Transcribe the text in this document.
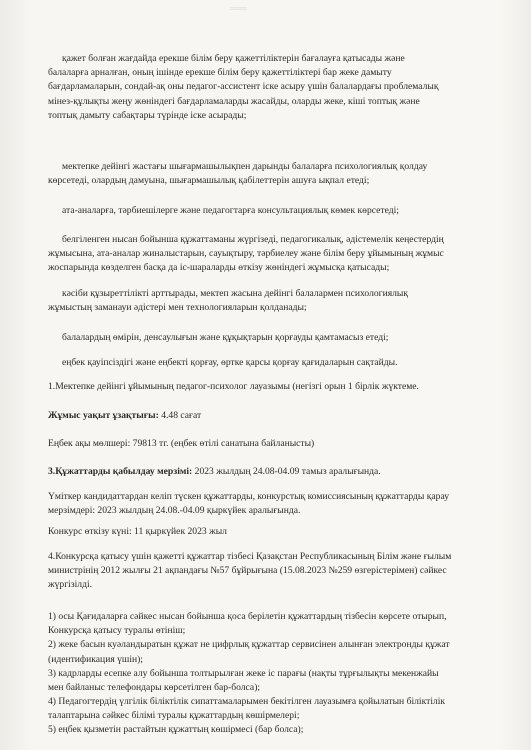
═══
қажет болған жағдайда ерекше білім беру қажеттіліктерін бағалауға қатысады және
балаларға арналған, оның ішінде ерекше білім беру қажеттіліктері бар жеке дамыту
бағдарламаларын, сондай-ақ оны педагог-ассистент іске асыру үшін балалардағы проблемалық
мінез-құлықты жеңу жөніндегі бағдарламаларды жасайды, оларды жеке, кіші топтық және
топтық дамыту сабақтары түрінде іске асырады;
мектепке дейінгі жастағы шығармашылықпен дарынды балаларға психологиялық қолдау
көрсетеді, олардың дамуына, шығармашылық қабілеттерін ашуға ықпал етеді;
ата-аналарға, тәрбиешілерге және педагогтарға консультациялық көмек көрсетеді;
белгіленген нысан бойынша құжаттаманы жүргізеді, педагогикалық, әдістемелік кеңестердің
жұмысына, ата-аналар жиналыстарын, сауықтыру, тәрбиелеу және білім беру ұйымының жұмыс
жоспарында көзделген басқа да іс-шараларды өткізу жөніндегі жұмысқа қатысады;
кәсіби құзыреттілікті арттырады, мектеп жасына дейінгі балалармен психологиялық
жұмыстың заманауи әдістері мен технологияларын қолданады;
балалардың өмірін, денсаулығын және құқықтарын қорғауды қамтамасыз етеді;
еңбек қауіпсіздігі және еңбекті қорғау, өртке қарсы қорғау қағидаларын сақтайды.
1.Мектепке дейінгі ұйымының педагог-психолог лауазымы (негізгі орын 1 бірлік жүктеме.
Жұмыс уақыт ұзақтығы: 4.48 сағат
Еңбек ақы мөлшері: 79813 тг. (еңбек өтілі санатына байланысты)
3.Құжаттарды қабылдау мерзімі: 2023 жылдың 24.08-04.09 тамыз аралығында.
Үміткер кандидаттардан келіп түскен құжаттарды, конкурстық комиссиясының құжаттарды қарау
мерзімдері: 2023 жылдың 24.08.-04.09 қыркүйек аралығында.
Конкурс өткізу күні: 11 қыркүйек 2023 жыл
4.Конкурсқа қатысу үшін қажетті құжаттар тізбесі Қазақстан Республикасының Білім және ғылым
министрінің 2012 жылғы 21 ақпандағы №57 бұйрығына (15.08.2023 №259 өзгерістерімен) сәйкес
жүргізілді.
1) осы Қағидаларға сәйкес нысан бойынша қоса берілетін құжаттардың тізбесін көрсете отырып,
Конкурсқа қатысу туралы өтініш;
2) жеке басын куәландыратын құжат не цифрлық құжаттар сервисінен алынған электронды құжат
(идентификация үшін);
3) кадрларды есепке алу бойынша толтырылған жеке іс парағы (нақты тұрғылықты мекенжайы
мен байланыс телефондары көрсетілген бар-болса);
4) Педагогтердің үлгілік біліктілік сипаттамаларымен бекітілген лауазымға қойылатын біліктілік
талаптарына сәйкес білімі туралы құжаттардың көшірмелері;
5) еңбек қызметін растайтын құжаттың көшірмесі (бар болса);
